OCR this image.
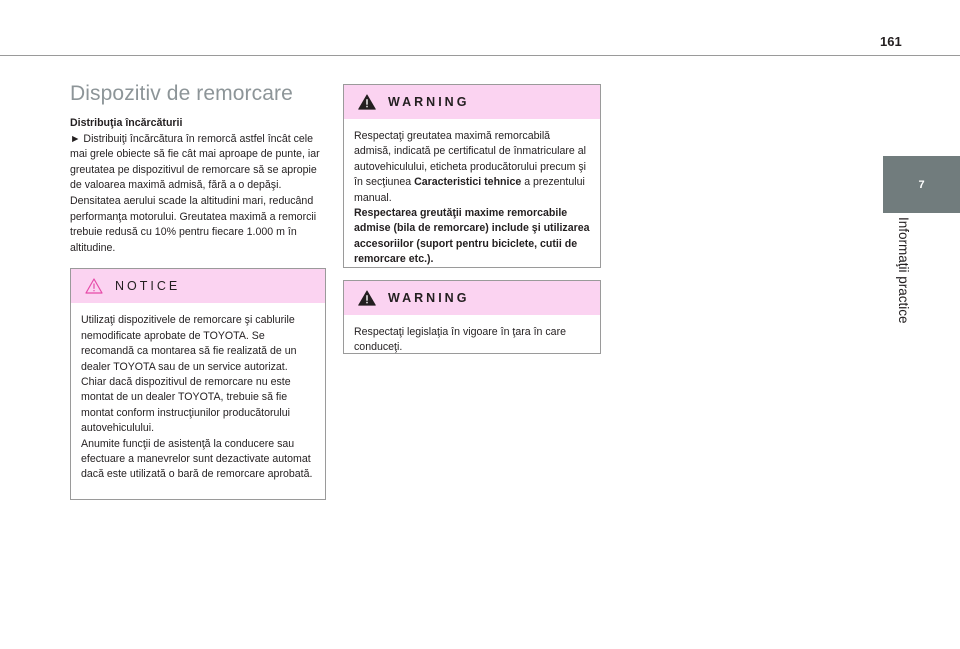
161
7
Informaţii practice
Dispozitiv de remorcare
Distribuţia încărcăturii
► Distribuiţi încărcătura în remorcă astfel încât cele mai grele obiecte să fie cât mai aproape de punte, iar greutatea pe dispozitivul de remorcare să se apropie de valoarea maximă admisă, fără a o depăşi.
Densitatea aerului scade la altitudini mari, reducând performanţa motorului. Greutatea maximă a remorcii trebuie redusă cu 10% pentru fiecare 1.000 m în altitudine.
NOTICE
Utilizaţi dispozitivele de remorcare şi cablurile nemodificate aprobate de TOYOTA. Se recomandă ca montarea să fie realizată de un dealer TOYOTA sau de un service autorizat.
Chiar dacă dispozitivul de remorcare nu este montat de un dealer TOYOTA, trebuie să fie montat conform instrucţiunilor producătorului autovehiculului.
Anumite funcţii de asistenţă la conducere sau efectuare a manevrelor sunt dezactivate automat dacă este utilizată o bară de remorcare aprobată.
WARNING
Respectaţi greutatea maximă remorcabilă admisă, indicată pe certificatul de înmatriculare al autovehiculului, eticheta producătorului precum şi în secţiunea Caracteristici tehnice a prezentului manual.
Respectarea greutăţii maxime remorcabile admise (bila de remorcare) include şi utilizarea accesoriilor (suport pentru biciclete, cutii de remorcare etc.).
WARNING
Respectaţi legislaţia în vigoare în ţara în care conduceţi.
